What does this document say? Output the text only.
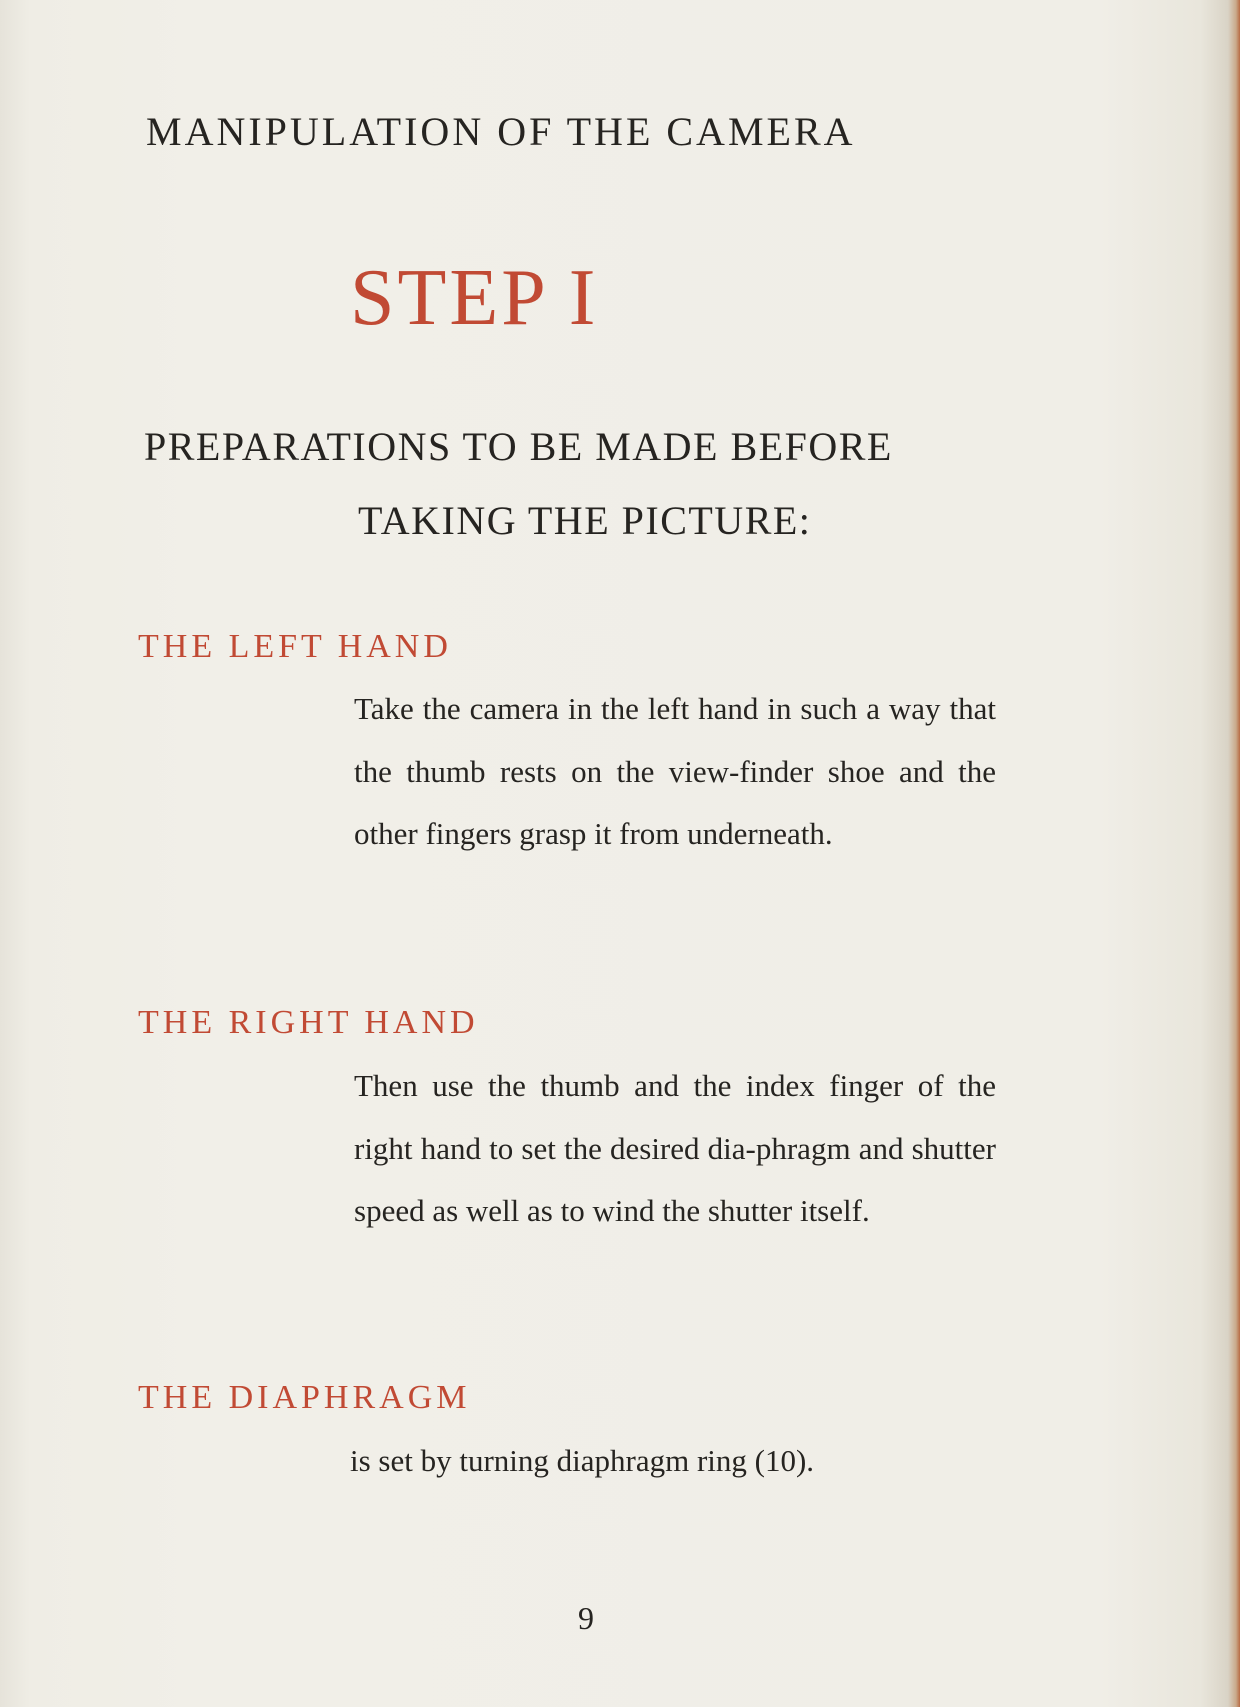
MANIPULATION OF THE CAMERA
STEP I
PREPARATIONS TO BE MADE BEFORE
TAKING THE PICTURE:
THE LEFT HAND
Take the camera in the left hand in such a way that the thumb rests on the view-finder shoe and the other fingers grasp it from underneath.
THE RIGHT HAND
Then use the thumb and the index finger of the right hand to set the desired dia-phragm and shutter speed as well as to wind the shutter itself.
THE DIAPHRAGM
is set by turning diaphragm ring (10).
9
